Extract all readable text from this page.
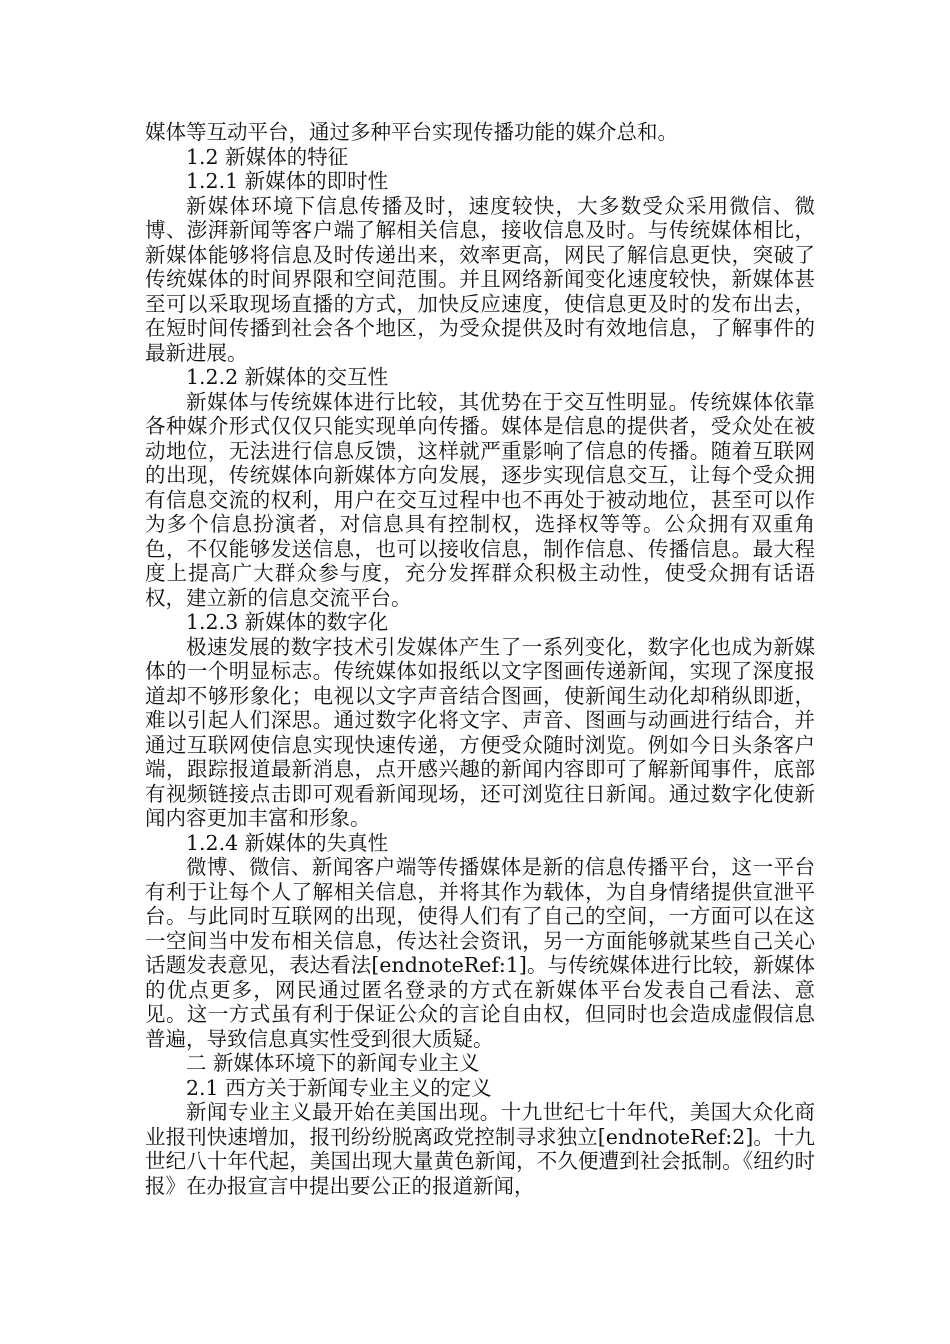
媒体等互动平台，通过多种平台实现传播功能的媒介总和。

1.2 新媒体的特征

1.2.1 新媒体的即时性

新媒体环境下信息传播及时，速度较快，大多数受众采用微信、微博、澎湃新闻等客户端了解相关信息，接收信息及时。与传统媒体相比，新媒体能够将信息及时传递出来，效率更高，网民了解信息更快，突破了传统媒体的时间界限和空间范围。并且网络新闻变化速度较快，新媒体甚至可以采取现场直播的方式，加快反应速度，使信息更及时的发布出去，在短时间传播到社会各个地区，为受众提供及时有效地信息，了解事件的最新进展。

1.2.2 新媒体的交互性

新媒体与传统媒体进行比较，其优势在于交互性明显。传统媒体依靠各种媒介形式仅仅只能实现单向传播。媒体是信息的提供者，受众处在被动地位，无法进行信息反馈，这样就严重影响了信息的传播。随着互联网的出现，传统媒体向新媒体方向发展，逐步实现信息交互，让每个受众拥有信息交流的权利，用户在交互过程中也不再处于被动地位，甚至可以作为多个信息扮演者，对信息具有控制权，选择权等等。公众拥有双重角色，不仅能够发送信息，也可以接收信息，制作信息、传播信息。最大程度上提高广大群众参与度，充分发挥群众积极主动性，使受众拥有话语权，建立新的信息交流平台。

1.2.3 新媒体的数字化

极速发展的数字技术引发媒体产生了一系列变化，数字化也成为新媒体的一个明显标志。传统媒体如报纸以文字图画传递新闻，实现了深度报道却不够形象化；电视以文字声音结合图画，使新闻生动化却稍纵即逝，难以引起人们深思。通过数字化将文字、声音、图画与动画进行结合，并通过互联网使信息实现快速传递，方便受众随时浏览。例如今日头条客户端，跟踪报道最新消息，点开感兴趣的新闻内容即可了解新闻事件，底部有视频链接点击即可观看新闻现场，还可浏览往日新闻。通过数字化使新闻内容更加丰富和形象。

1.2.4 新媒体的失真性

微博、微信、新闻客户端等传播媒体是新的信息传播平台，这一平台有利于让每个人了解相关信息，并将其作为载体，为自身情绪提供宣泄平台。与此同时互联网的出现，使得人们有了自己的空间，一方面可以在这一空间当中发布相关信息，传达社会资讯，另一方面能够就某些自己关心话题发表意见，表达看法[endnoteRef:1]。与传统媒体进行比较，新媒体的优点更多，网民通过匿名登录的方式在新媒体平台发表自己看法、意见。这一方式虽有利于保证公众的言论自由权，但同时也会造成虚假信息普遍，导致信息真实性受到很大质疑。

二 新媒体环境下的新闻专业主义

2.1 西方关于新闻专业主义的定义

新闻专业主义最开始在美国出现。十九世纪七十年代，美国大众化商业报刊快速增加，报刊纷纷脱离政党控制寻求独立[endnoteRef:2]。十九世纪八十年代起，美国出现大量黄色新闻，不久便遭到社会抵制。《纽约时报》在办报宣言中提出要公正的报道新闻，
